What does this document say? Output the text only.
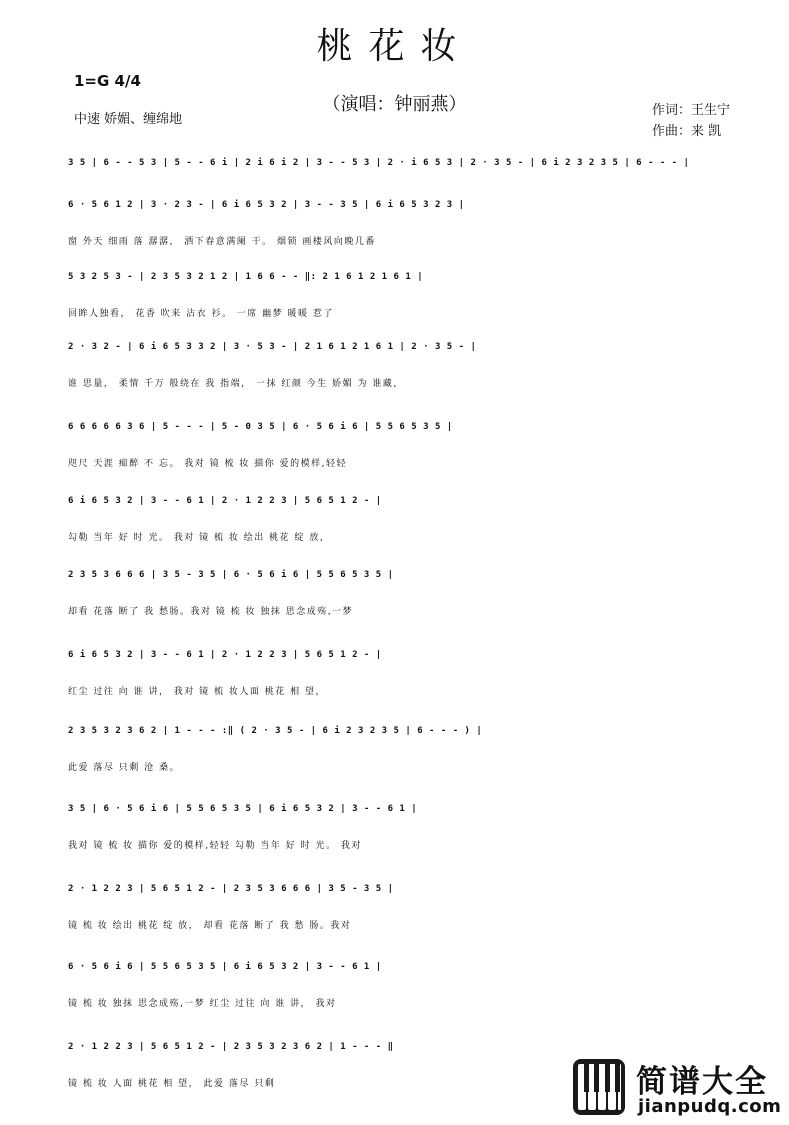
桃花妆
（演唱：钟丽燕）
1=G 4/4
中速 娇媚、缠绵地
作词：王生宁
作曲：来 凯
3 5 | 6 - - 5 3 | 5 - - 6 i | 2 i 6 i 2 | 3 - - 5 3 | 2 · i 6 5 3 | 2 · 3 5 - | 6 i 2 3 2 3 5 | 6 - - - |
6 · 5 6 1 2 | 3 · 2 3 - | 6 i 6 5 3 2 | 3 - - 3 5 | 6 i 6 5 3 2 3 |
窗 外天 细雨 落 潺潺， 洒下春意满阑 干。 烟锁 画楼风向晚几番
5 3 2 5 3 - | 2 3 5 3 2 1 2 | 1 6 6 - - ‖: 2 1 6 1 2 1 6 1 |
回眸人独看， 花香 吹来 沾衣 衫。 一席 幽梦 暖暖 惹了
2 · 3 2 - | 6 i 6 5 3 3 2 | 3 · 5 3 - | 2 1 6 1 2 1 6 1 | 2 · 3 5 - |
谁 思量， 柔情 千万 般绕在 我 指端， 一抹 红颜 今生 娇媚 为 谁藏，
6 6 6 6 6 3 6 | 5 - - - | 5 - 0 3 5 | 6 · 5 6 i 6 | 5 5 6 5 3 5 |
咫尺 天涯 痴醉 不 忘。 我对 镜 梳 妆 描你 爱的模样,轻轻
6 i 6 5 3 2 | 3 - - 6 1 | 2 · 1 2 2 3 | 5 6 5 1 2 - |
勾勒 当年 好 时 光。 我对 镜 梳 妆 绘出 桃花 绽 放，
2 3 5 3 6 6 6 | 3 5 - 3 5 | 6 · 5 6 i 6 | 5 5 6 5 3 5 |
却看 花落 断了 我 愁肠。我对 镜 梳 妆 独抹 思念成殇,一梦
6 i 6 5 3 2 | 3 - - 6 1 | 2 · 1 2 2 3 | 5 6 5 1 2 - |
红尘 过往 向 谁 讲， 我对 镜 梳 妆人面 桃花 相 望，
2 3 5 3 2 3 6 2 | 1 - - - :‖ ( 2 · 3 5 - | 6 i 2 3 2 3 5 | 6 - - - ) |
此爱 落尽 只剩 沧 桑。
3 5 | 6 · 5 6 i 6 | 5 5 6 5 3 5 | 6 i 6 5 3 2 | 3 - - 6 1 |
我对 镜 梳 妆 描你 爱的模样,轻轻 勾勒 当年 好 时 光。 我对
2 · 1 2 2 3 | 5 6 5 1 2 - | 2 3 5 3 6 6 6 | 3 5 - 3 5 |
镜 梳 妆 绘出 桃花 绽 放， 却看 花落 断了 我 愁 肠。我对
6 · 5 6 i 6 | 5 5 6 5 3 5 | 6 i 6 5 3 2 | 3 - - 6 1 |
镜 梳 妆 独抹 思念成殇,一梦 红尘 过往 向 谁 讲， 我对
2 · 1 2 2 3 | 5 6 5 1 2 - | 2 3 5 3 2 3 6 2 | 1 - - - ‖
镜 梳 妆 人面 桃花 相 望， 此爱 落尽 只剩	简谱大全
jianpudq.com
